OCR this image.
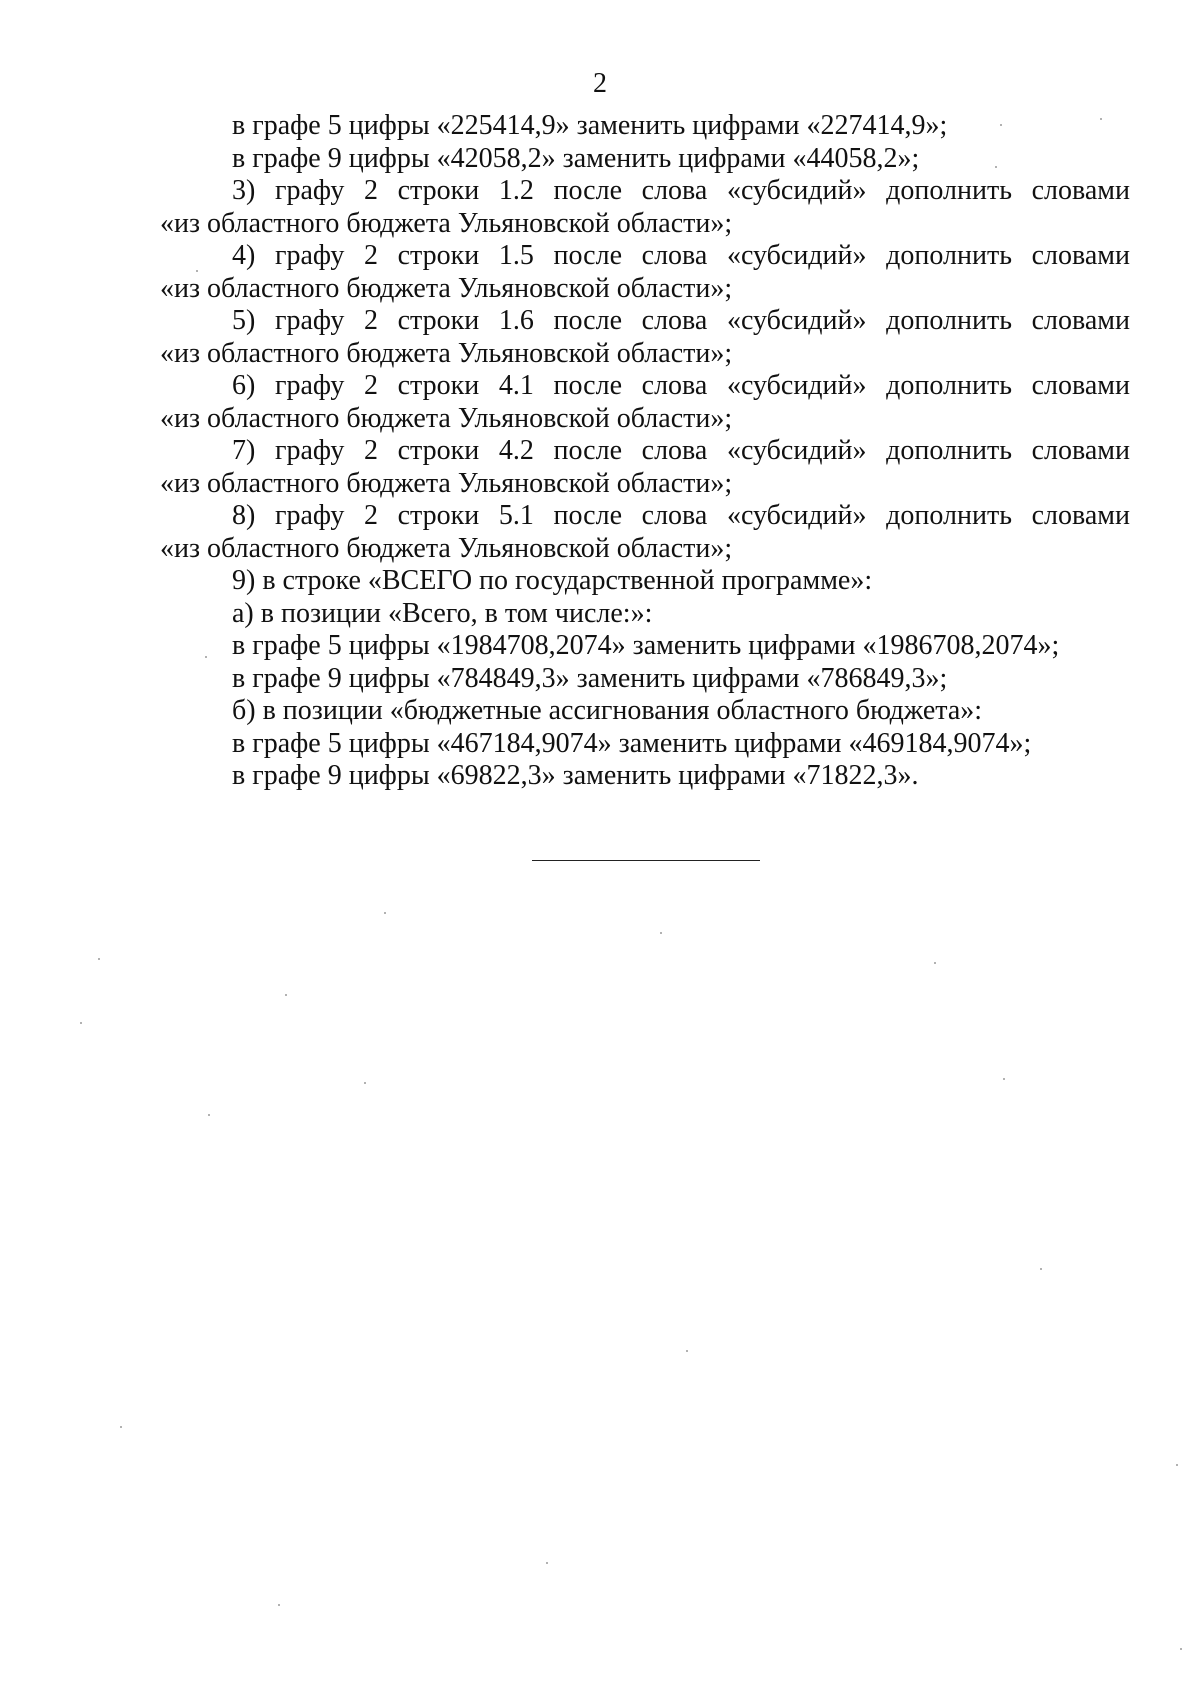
2
в графе 5 цифры «225414,9» заменить цифрами «227414,9»;
в графе 9 цифры «42058,2» заменить цифрами «44058,2»;
3) графу 2 строки 1.2 после слова «субсидий» дополнить словами
«из областного бюджета Ульяновской области»;
4) графу 2 строки 1.5 после слова «субсидий» дополнить словами
«из областного бюджета Ульяновской области»;
5) графу 2 строки 1.6 после слова «субсидий» дополнить словами
«из областного бюджета Ульяновской области»;
6) графу 2 строки 4.1 после слова «субсидий» дополнить словами
«из областного бюджета Ульяновской области»;
7) графу 2 строки 4.2 после слова «субсидий» дополнить словами
«из областного бюджета Ульяновской области»;
8) графу 2 строки 5.1 после слова «субсидий» дополнить словами
«из областного бюджета Ульяновской области»;
9) в строке «ВСЕГО по государственной программе»:
а) в позиции «Всего, в том числе:»:
в графе 5 цифры «1984708,2074» заменить цифрами «1986708,2074»;
в графе 9 цифры «784849,3» заменить цифрами «786849,3»;
б) в позиции «бюджетные ассигнования областного бюджета»:
в графе 5 цифры «467184,9074» заменить цифрами «469184,9074»;
в графе 9 цифры «69822,3» заменить цифрами «71822,3».
